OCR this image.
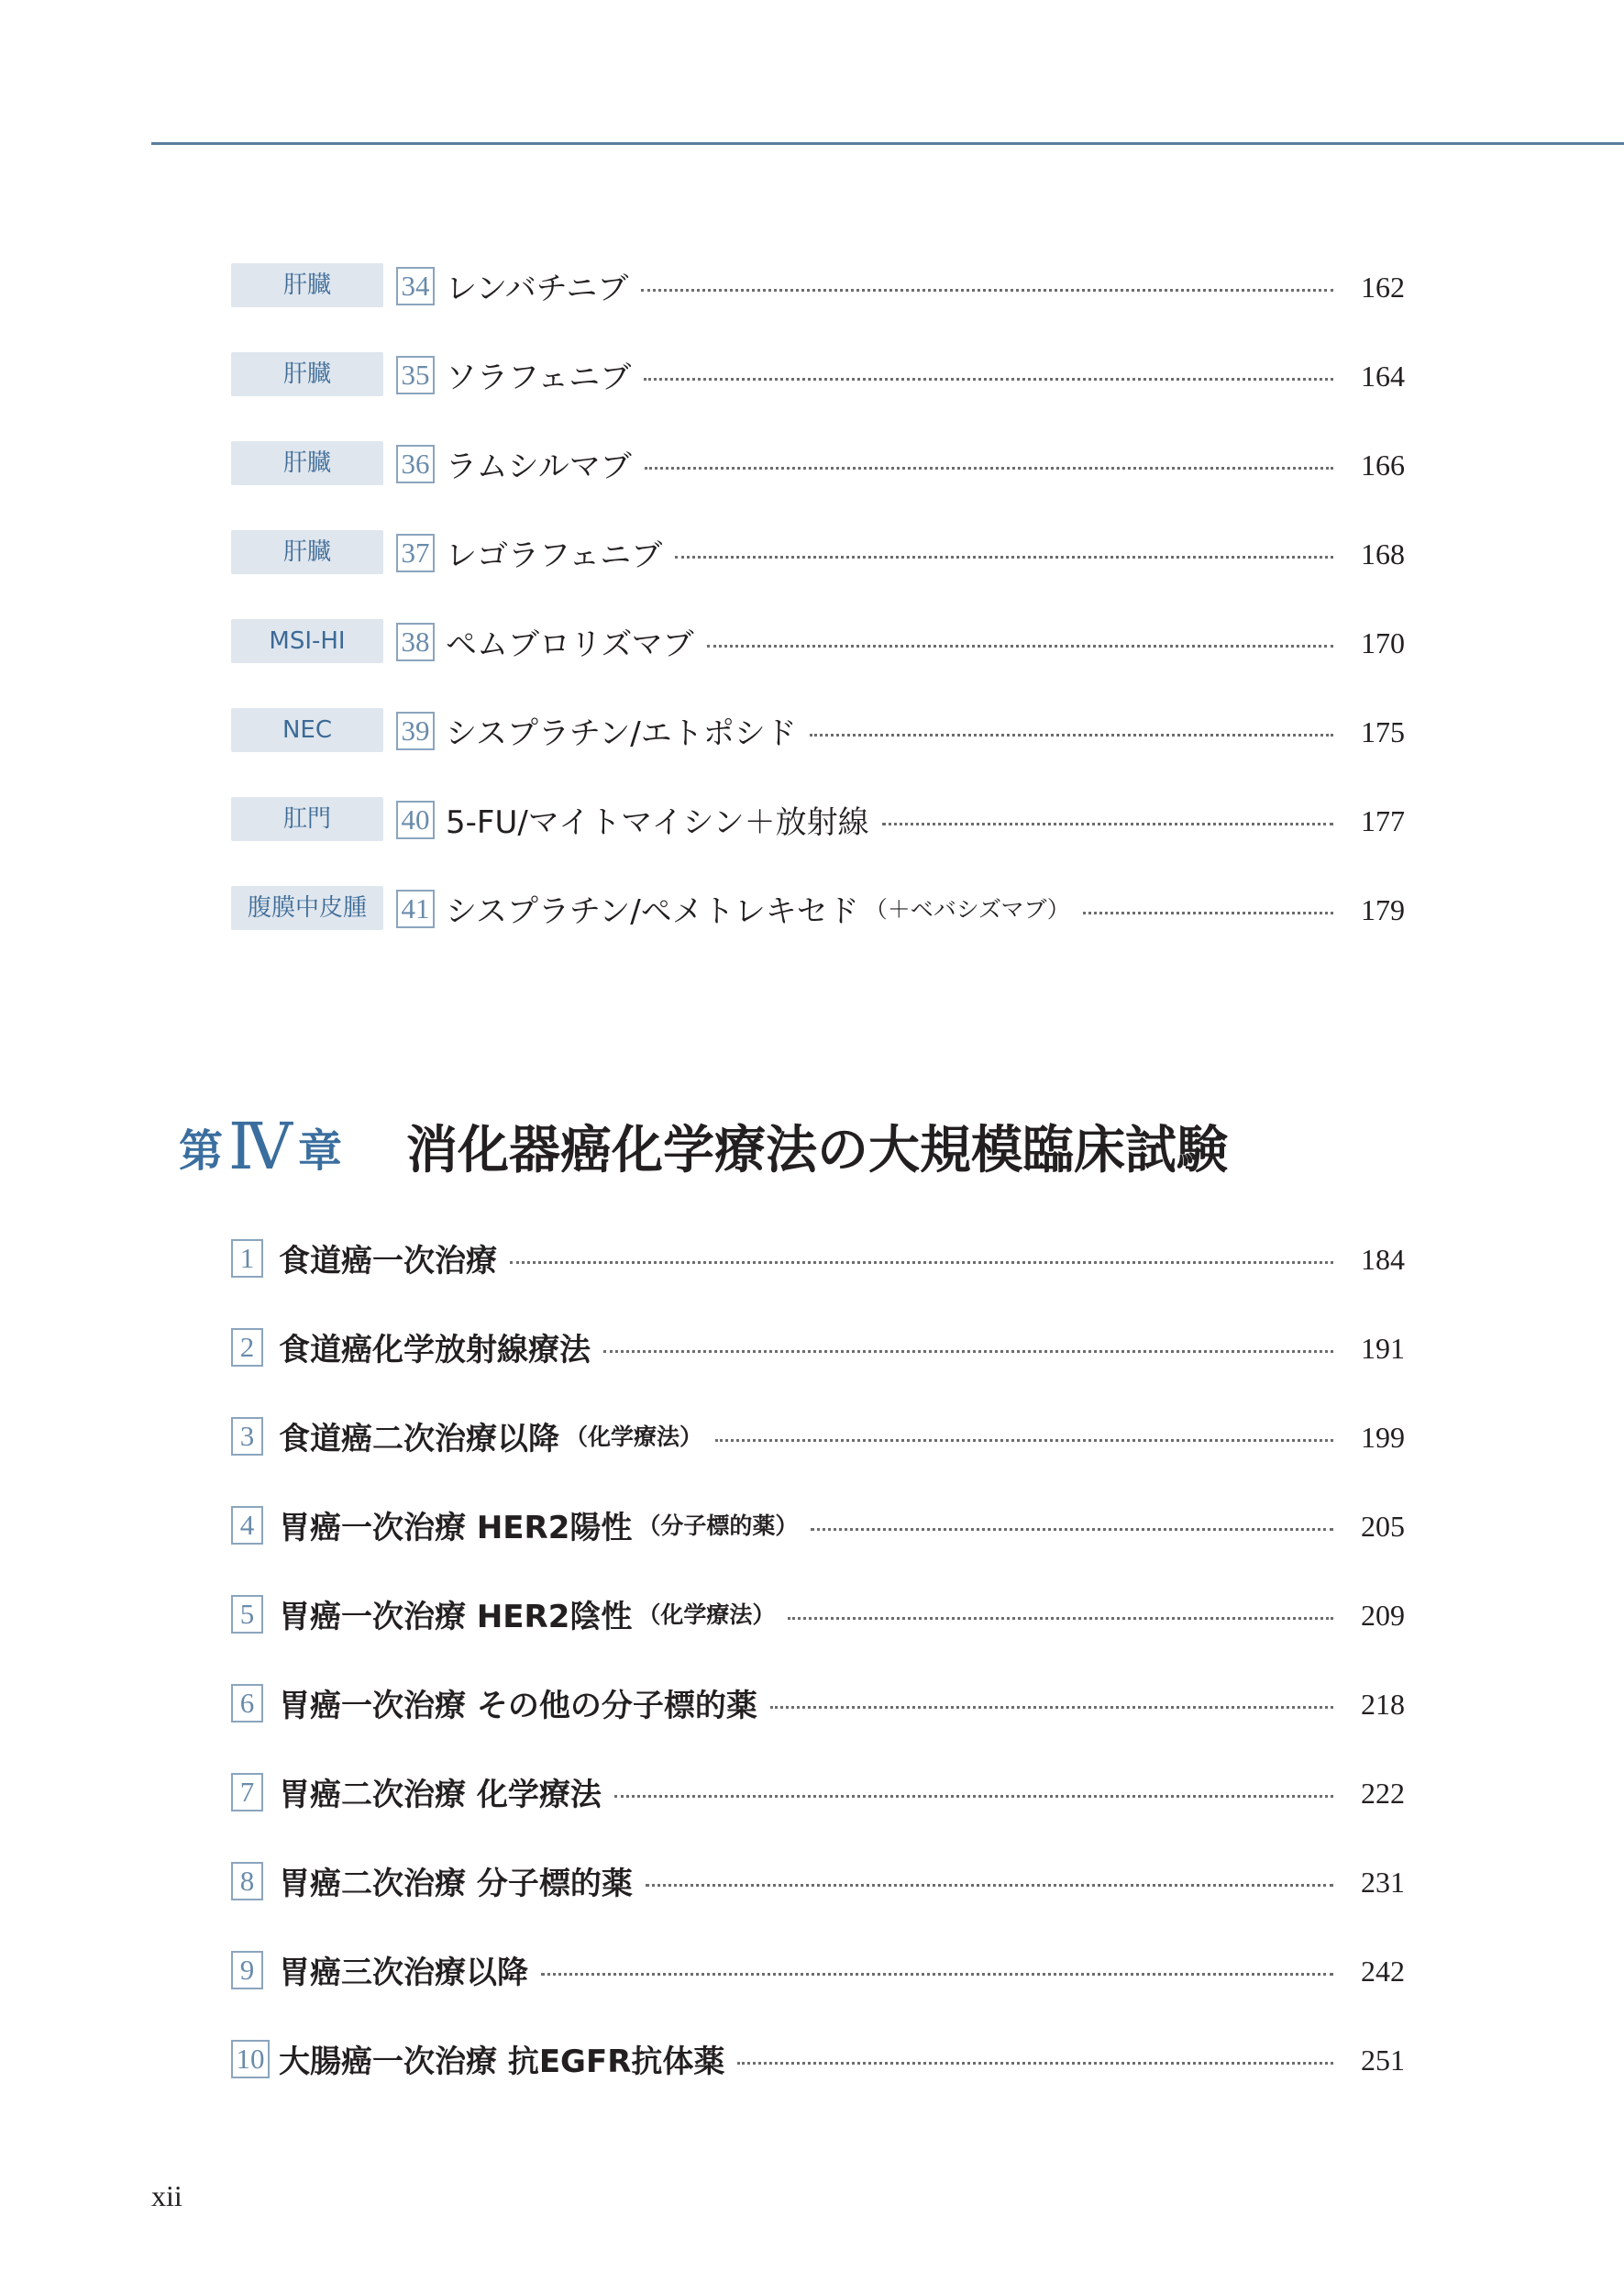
肝臓	34 レンバチニブ	162
肝臓	35 ソラフェニブ	164
肝臓	36 ラムシルマブ	166
肝臓	37 レゴラフェニブ	168
MSI-HI	38 ペムブロリズマブ	170
NEC	39 シスプラチン/エトポシド	175
肛門	40 5-FU/マイトマイシン＋放射線	177
腹膜中皮腫	41 シスプラチン/ペメトレキセド （＋ベバシズマブ）	179
第 Ⅳ 章 消化器癌化学療法の大規模臨床試験
1 食道癌一次治療	184
2 食道癌化学放射線療法	191
3 食道癌二次治療以降 （化学療法）	199
4 胃癌一次治療 HER2陽性 （分子標的薬）	205
5 胃癌一次治療 HER2陰性 （化学療法）	209
6 胃癌一次治療 その他の分子標的薬	218
7 胃癌二次治療 化学療法	222
8 胃癌二次治療 分子標的薬	231
9 胃癌三次治療以降	242
10 大腸癌一次治療 抗EGFR抗体薬	251
xii
